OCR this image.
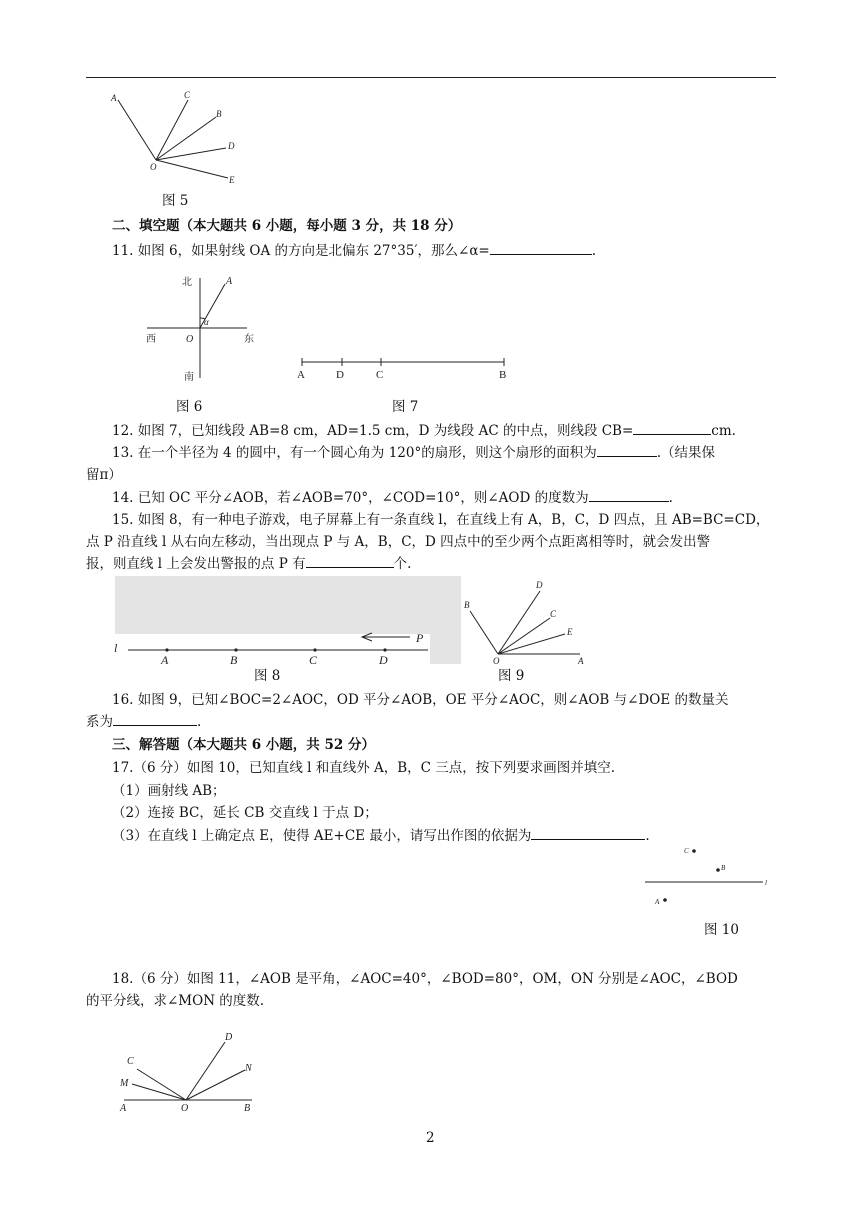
A	C
B
D
E
O
图 5
二、填空题（本大题共 6 小题，每小题 3 分，共 18 分）
11. 如图 6，如果射线 OA 的方向是北偏东 27°35′，那么∠α=	.
北	A
α
西	O	东
南	A	D	C	B
图 6	图 7
12. 如图 7，已知线段 AB=8 cm，AD=1.5 cm，D 为线段 AC 的中点，则线段 CB=	cm.
13. 在一个半径为 4 的圆中，有一个圆心角为 120°的扇形，则这个扇形的面积为	.（结果保
留π）
14. 已知 OC 平分∠AOB，若∠AOB=70°，∠COD=10°，则∠AOD 的度数为	.
15. 如图 8，有一种电子游戏，电子屏幕上有一条直线 l，在直线上有 A，B，C，D 四点，且 AB=BC=CD，
点 P 沿直线 l 从右向左移动，当出现点 P 与 A，B，C，D 四点中的至少两个点距离相等时，就会发出警
报，则直线 l 上会发出警报的点 P 有	个.
l
P
A	B	C	D
B
D
C
E
O	A
图 8	图 9
16. 如图 9，已知∠BOC=2∠AOC，OD 平分∠AOB，OE 平分∠AOC，则∠AOB 与∠DOE 的数量关
系为	.
三、解答题（本大题共 6 小题，共 52 分）
17.（6 分）如图 10，已知直线 l 和直线外 A，B，C 三点，按下列要求画图并填空.
（1）画射线 AB；
（2）连接 BC，延长 CB 交直线 l 于点 D；
（3）在直线 l 上确定点 E，使得 AE+CE 最小，请写出作图的依据为	.
C
B
A
l
图 10
18.（6 分）如图 11，∠AOB 是平角，∠AOC=40°，∠BOD=80°，OM，ON 分别是∠AOC，∠BOD
的平分线，求∠MON 的度数.
D
C
N
M
A	O	B
2
